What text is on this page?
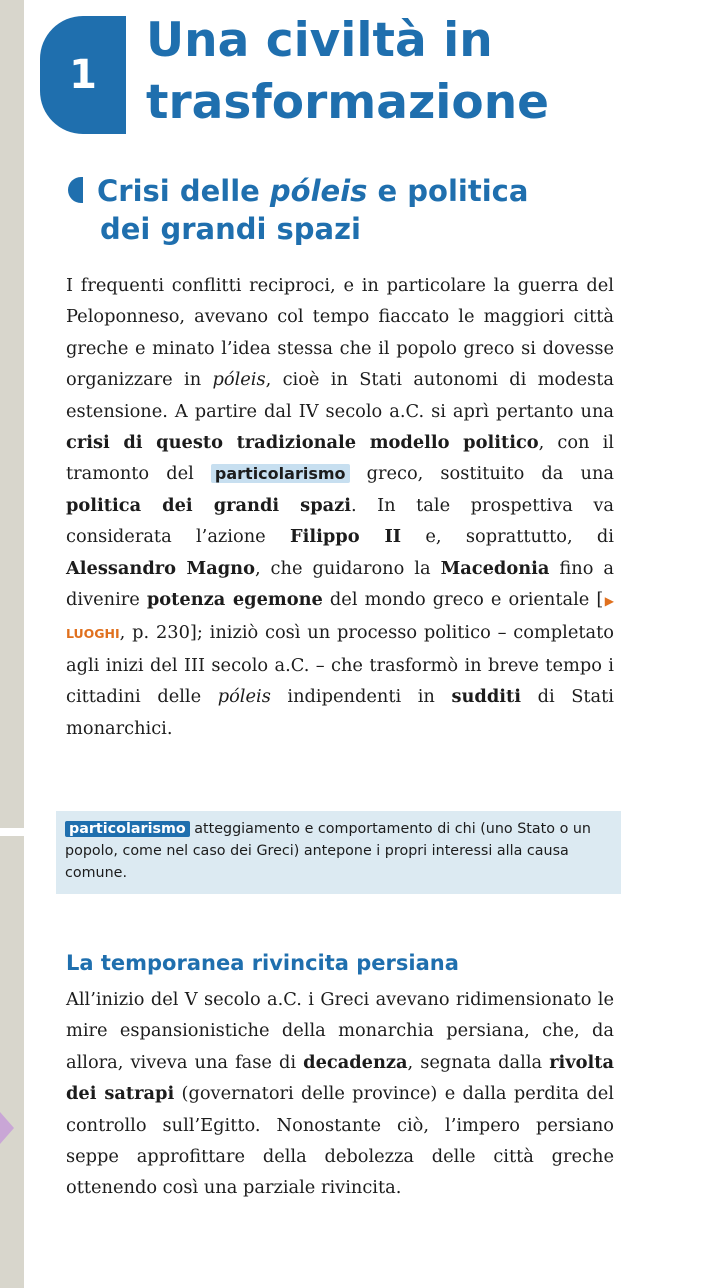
1
Una civiltà in
trasformazione
Crisi delle póleis e politica
dei grandi spazi

I frequenti conflitti reciproci, e in particolare la guerra del Peloponneso, avevano col tempo fiaccato le maggiori città greche e minato l’idea stessa che il popolo greco si dovesse organizzare in póleis, cioè in Stati autonomi di modesta estensione. A partire dal IV secolo a.C. si aprì pertanto una crisi di questo tradizionale modello politico, con il tramonto del particolarismo greco, sostituito da una politica dei grandi spazi. In tale prospettiva va considerata l’azione Filippo II e, soprattutto, di Alessandro Magno, che guidarono la Macedonia fino a divenire potenza egemone del mondo greco e orientale [▶ LUOGHI, p. 230]; iniziò così un processo politico – completato agli inizi del III secolo a.C. – che trasformò in breve tempo i cittadini delle póleis indipendenti in sudditi di Stati monarchici.

particolarismo atteggiamento e comportamento di chi (uno Stato o un popolo, come nel caso dei Greci) antepone i propri interessi alla causa comune.
La temporanea rivincita persiana

All’inizio del V secolo a.C. i Greci avevano ridimensionato le mire espansionistiche della monarchia persiana, che, da allora, viveva una fase di decadenza, segnata dalla rivolta dei satrapi (governatori delle province) e dalla perdita del controllo sull’Egitto. Nonostante ciò, l’impero persiano seppe approfittare della debolezza delle città greche ottenendo così una parziale rivincita.
